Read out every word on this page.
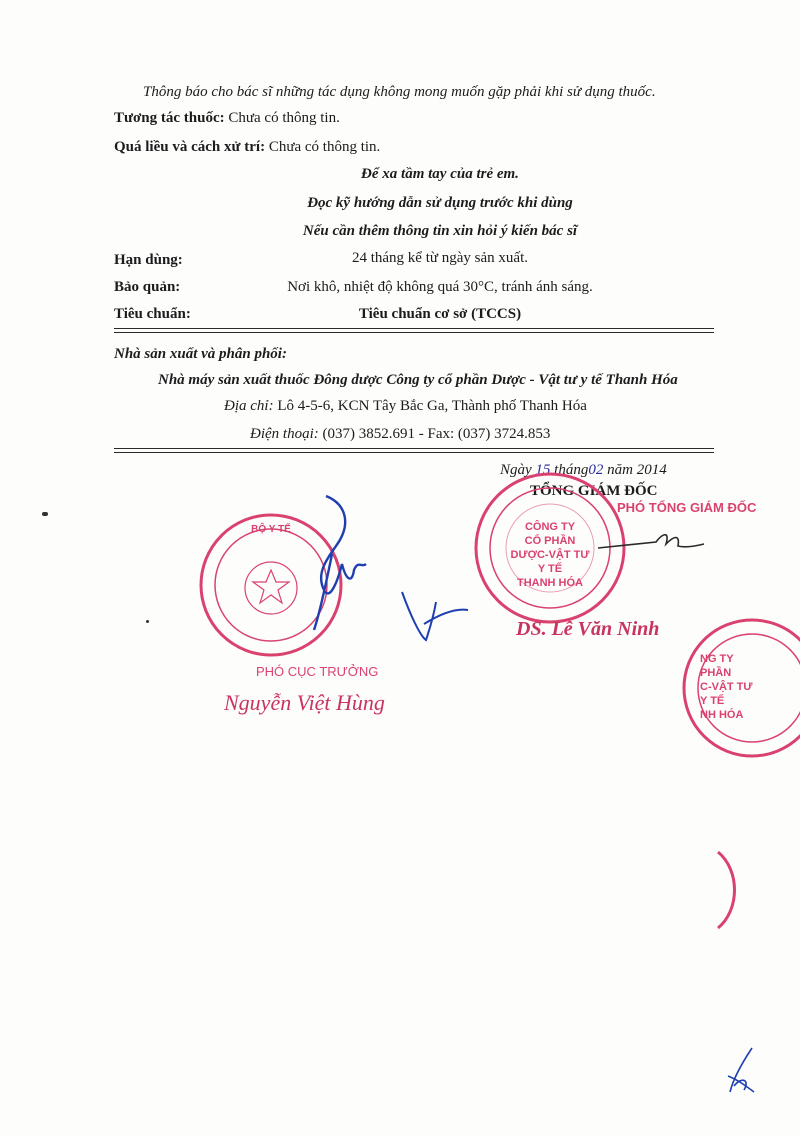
Thông báo cho bác sĩ những tác dụng không mong muốn gặp phải khi sử dụng thuốc.
Tương tác thuốc: Chưa có thông tin.
Quá liều và cách xử trí: Chưa có thông tin.
Để xa tầm tay của trẻ em.
Đọc kỹ hướng dẫn sử dụng trước khi dùng
Nếu cần thêm thông tin xin hỏi ý kiến bác sĩ
Hạn dùng:	24 tháng kể từ ngày sản xuất.
Bảo quản:	Nơi khô, nhiệt độ không quá 30°C, tránh ánh sáng.
Tiêu chuẩn:	Tiêu chuẩn cơ sở (TCCS)
Nhà sản xuất và phân phối:
Nhà máy sản xuất thuốc Đông dược Công ty cổ phần Dược - Vật tư y tế Thanh Hóa
Địa chỉ: Lô 4-5-6, KCN Tây Bắc Ga, Thành phố Thanh Hóa
Điện thoại: (037) 3852.691 - Fax: (037) 3724.853
Ngày 15 tháng02 năm 2014
TỔNG GIÁM ĐỐC
CÔNG TY
CỔ PHẦN
DƯỢC-VẬT TƯ
Y TẾ
THANH HÓA
PHÓ TỔNG GIÁM ĐỐC
DS. Lê Văn Ninh
NG TY
PHẦN
C-VẬT TƯ
Y TẾ
NH HÓA
BỘ Y TẾ
PHÓ CỤC TRƯỞNG
Nguyễn Việt Hùng
